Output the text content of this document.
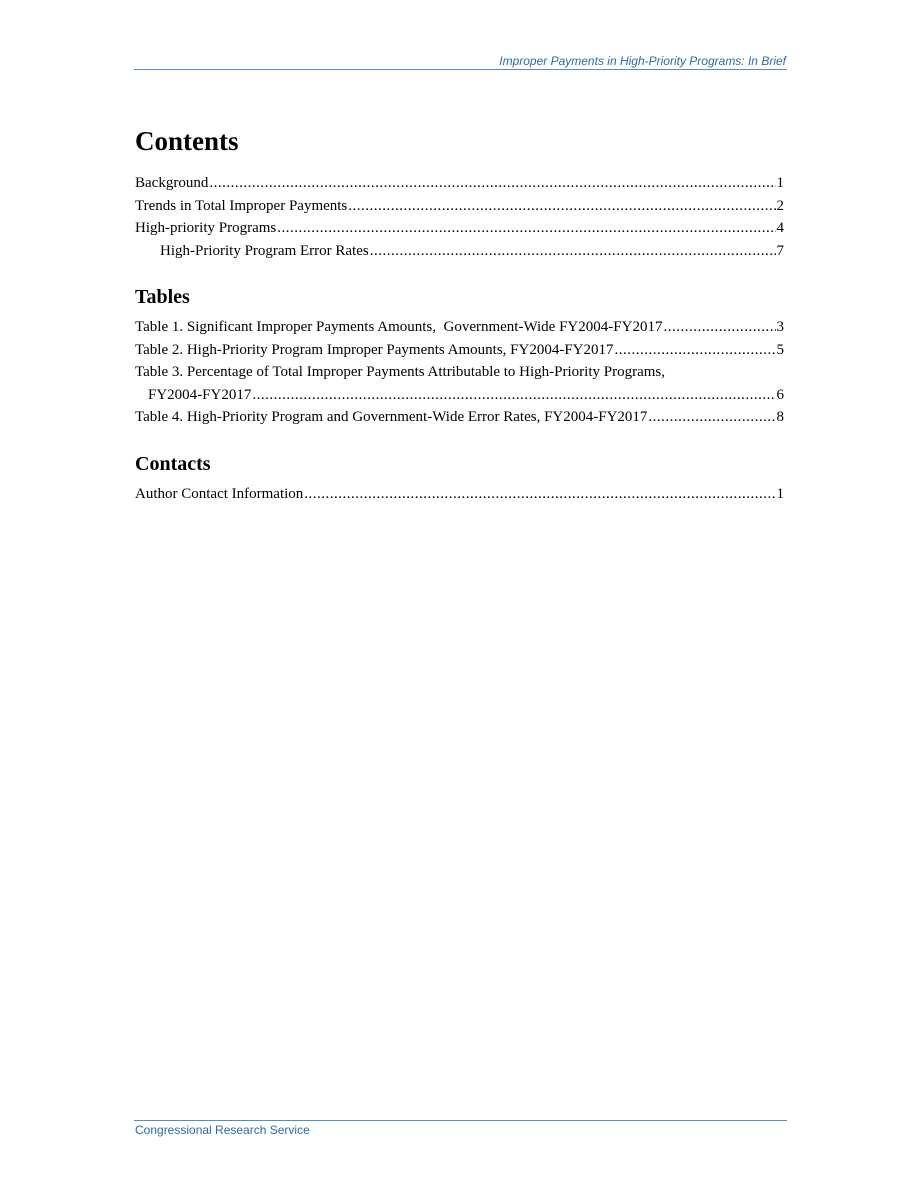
Improper Payments in High-Priority Programs: In Brief
Contents
Background .....	1
Trends in Total Improper Payments .....	2
High-priority Programs .....	4
High-Priority Program Error Rates .....	7
Tables
Table 1. Significant Improper Payments Amounts,  Government-Wide FY2004-FY2017 .....	3
Table 2. High-Priority Program Improper Payments Amounts, FY2004-FY2017 .....	5
Table 3. Percentage of Total Improper Payments Attributable to High-Priority Programs,
FY2004-FY2017 .....	6
Table 4. High-Priority Program and Government-Wide Error Rates, FY2004-FY2017 .....	8
Contacts
Author Contact Information .....	1
Congressional Research Service
